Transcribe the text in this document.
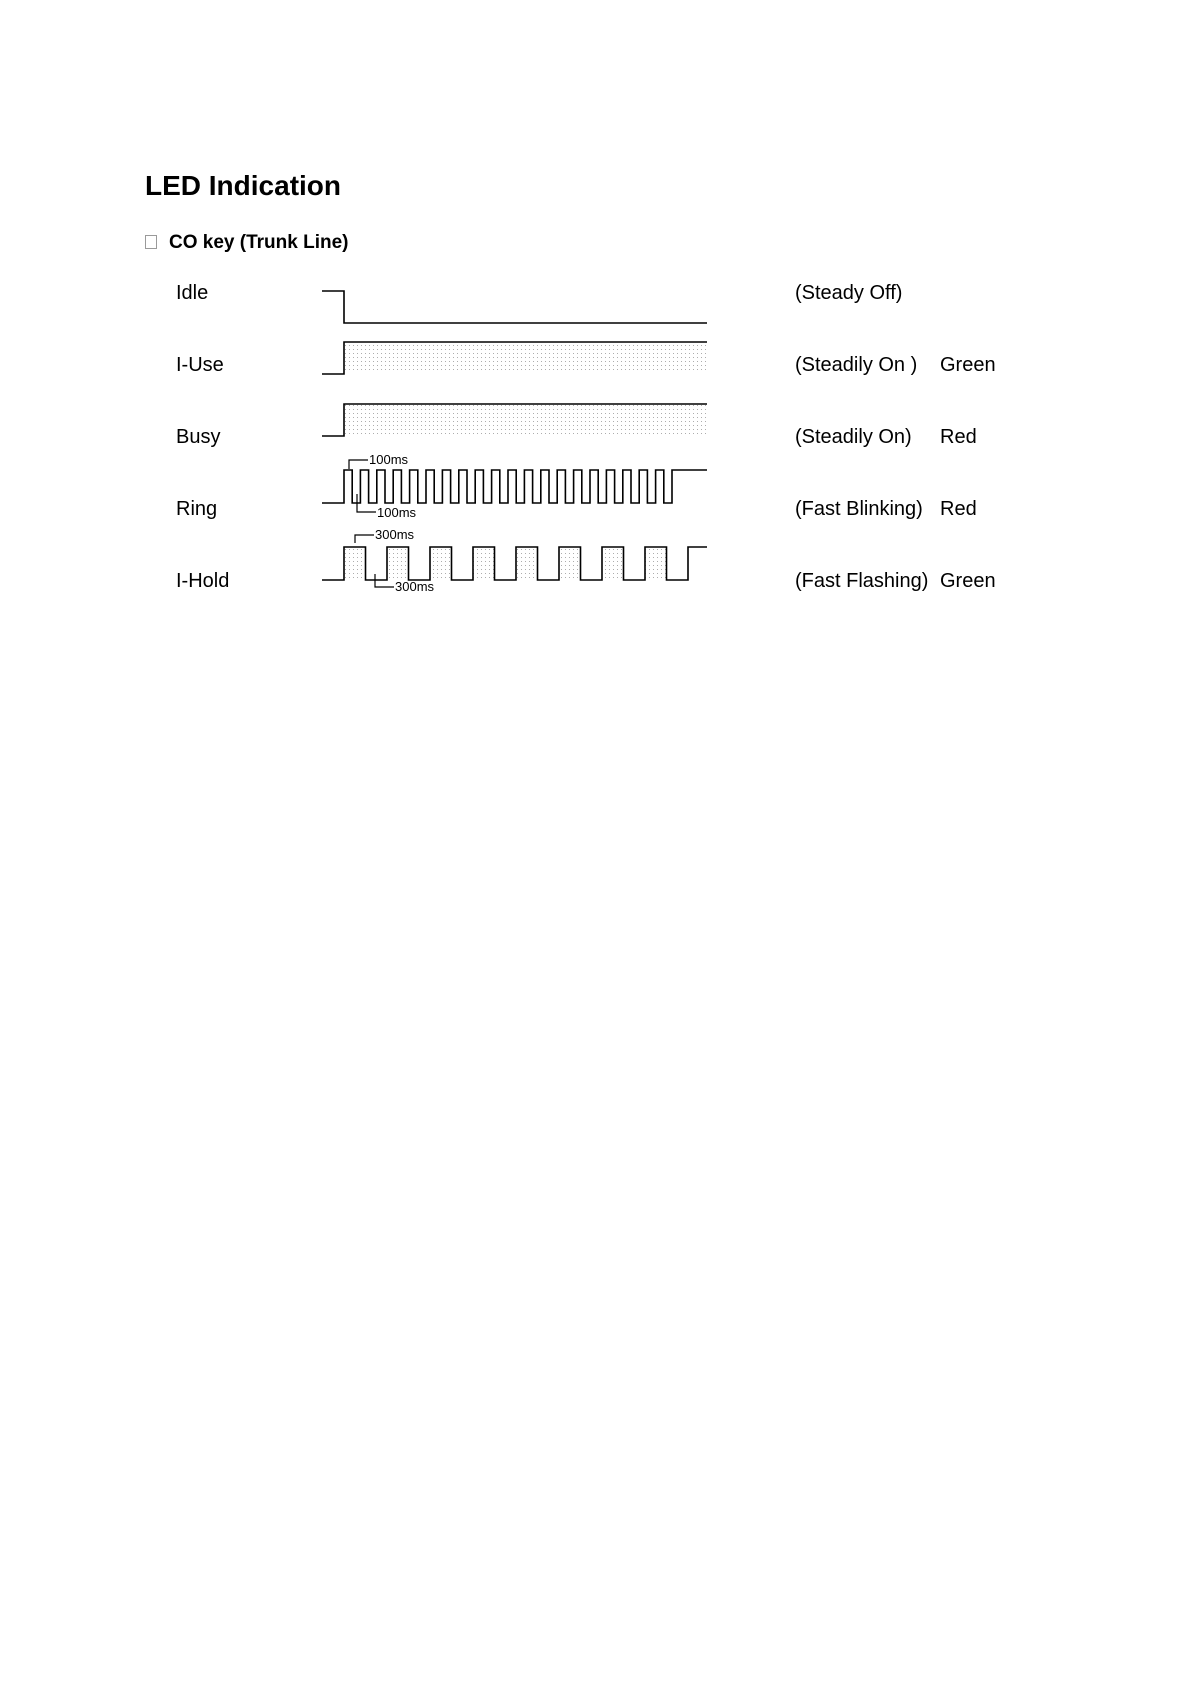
LED Indication
CO key (Trunk Line)
Idle
I-Use
Busy
Ring
I-Hold
(Steady Off)
(Steadily On )
(Steadily On)
(Fast Blinking)
(Fast Flashing)
Green
Red
Red
Green
100ms
100ms
300ms
300ms
